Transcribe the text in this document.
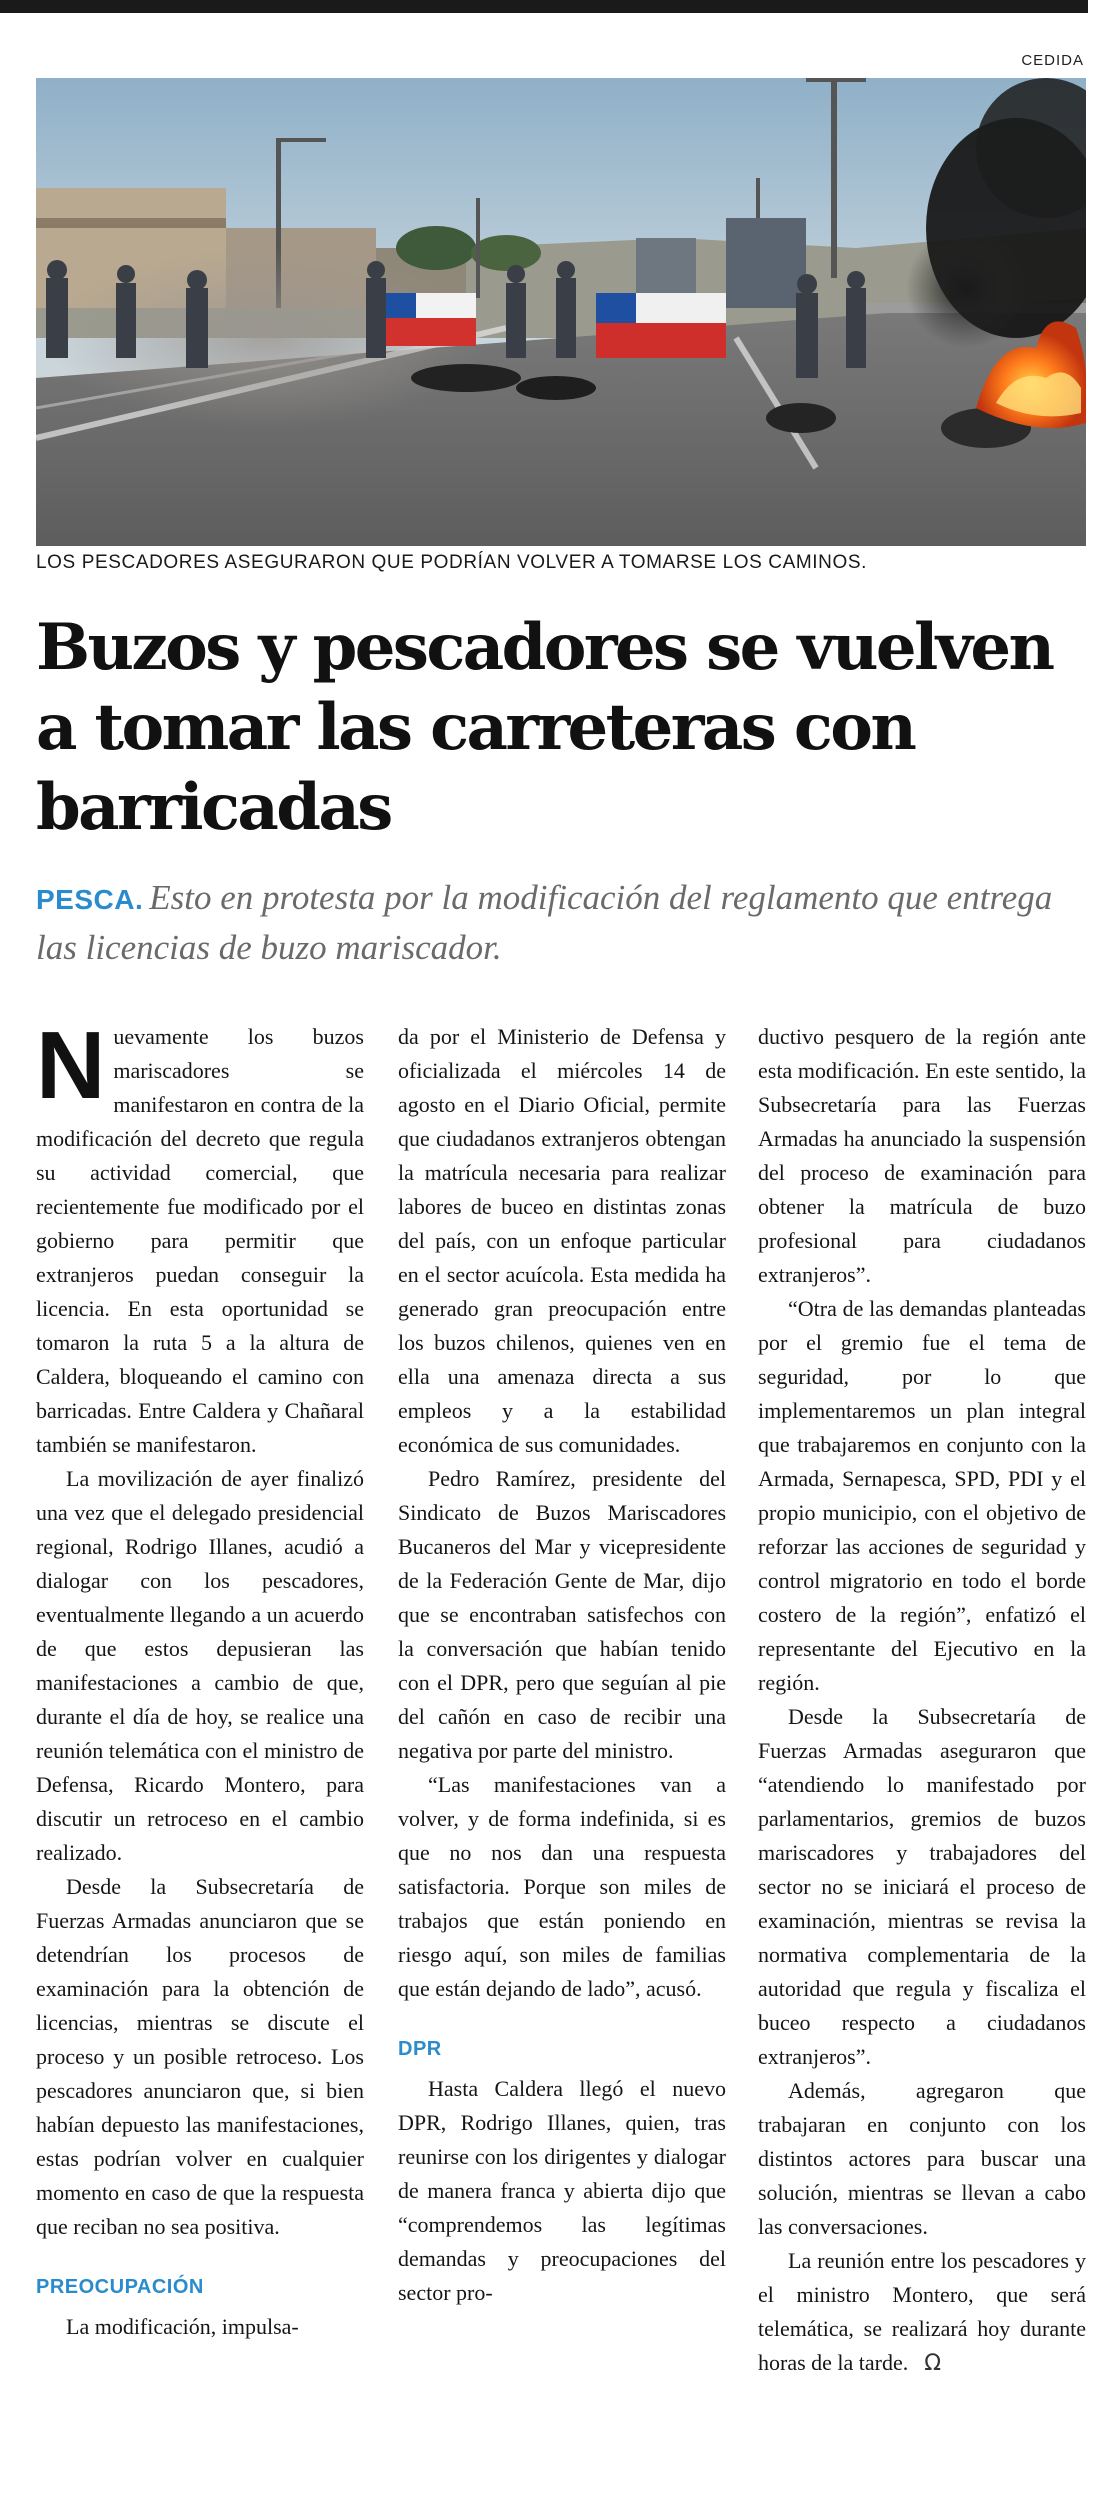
CEDIDA
LOS PESCADORES ASEGURARON QUE PODRÍAN VOLVER A TOMARSE LOS CAMINOS.
Buzos y pescadores se vuelven a tomar las carreteras con barricadas
PESCA. Esto en protesta por la modificación del reglamento que entrega las licencias de buzo mariscador.

Nuevamente los buzos mariscadores se manifestaron en contra de la modificación del decreto que regula su actividad comercial, que recientemente fue modificado por el gobierno para permitir que extranjeros puedan conseguir la licencia. En esta oportunidad se tomaron la ruta 5 a la altura de Caldera, bloqueando el camino con barricadas. Entre Caldera y Chañaral también se manifestaron.

La movilización de ayer finalizó una vez que el delegado presidencial regional, Rodrigo Illanes, acudió a dialogar con los pescadores, eventualmente llegando a un acuerdo de que estos depusieran las manifestaciones a cambio de que, durante el día de hoy, se realice una reunión telemática con el ministro de Defensa, Ricardo Montero, para discutir un retroceso en el cambio realizado.

Desde la Subsecretaría de Fuerzas Armadas anunciaron que se detendrían los procesos de examinación para la obtención de licencias, mientras se discute el proceso y un posible retroceso. Los pescadores anunciaron que, si bien habían depuesto las manifestaciones, estas podrían volver en cualquier momento en caso de que la respuesta que reciban no sea positiva.

PREOCUPACIÓN

La modificación, impulsa-

da por el Ministerio de Defensa y oficializada el miércoles 14 de agosto en el Diario Oficial, permite que ciudadanos extranjeros obtengan la matrícula necesaria para realizar labores de buceo en distintas zonas del país, con un enfoque particular en el sector acuícola. Esta medida ha generado gran preocupación entre los buzos chilenos, quienes ven en ella una amenaza directa a sus empleos y a la estabilidad económica de sus comunidades.

Pedro Ramírez, presidente del Sindicato de Buzos Mariscadores Bucaneros del Mar y vicepresidente de la Federación Gente de Mar, dijo que se encontraban satisfechos con la conversación que habían tenido con el DPR, pero que seguían al pie del cañón en caso de recibir una negativa por parte del ministro.

“Las manifestaciones van a volver, y de forma indefinida, si es que no nos dan una respuesta satisfactoria. Porque son miles de trabajos que están poniendo en riesgo aquí, son miles de familias que están dejando de lado”, acusó.

DPR

Hasta Caldera llegó el nuevo DPR, Rodrigo Illanes, quien, tras reunirse con los dirigentes y dialogar de manera franca y abierta dijo que “comprendemos las legítimas demandas y preocupaciones del sector pro-

ductivo pesquero de la región ante esta modificación. En este sentido, la Subsecretaría para las Fuerzas Armadas ha anunciado la suspensión del proceso de examinación para obtener la matrícula de buzo profesional para ciudadanos extranjeros”.

“Otra de las demandas planteadas por el gremio fue el tema de seguridad, por lo que implementaremos un plan integral que trabajaremos en conjunto con la Armada, Sernapesca, SPD, PDI y el propio municipio, con el objetivo de reforzar las acciones de seguridad y control migratorio en todo el borde costero de la región”, enfatizó el representante del Ejecutivo en la región.

Desde la Subsecretaría de Fuerzas Armadas aseguraron que “atendiendo lo manifestado por parlamentarios, gremios de buzos mariscadores y trabajadores del sector no se iniciará el proceso de examinación, mientras se revisa la normativa complementaria de la autoridad que regula y fiscaliza el buceo respecto a ciudadanos extranjeros”.

Además, agregaron que trabajaran en conjunto con los distintos actores para buscar una solución, mientras se llevan a cabo las conversaciones.

La reunión entre los pescadores y el ministro Montero, que será telemática, se realizará hoy durante horas de la tarde. Ω
